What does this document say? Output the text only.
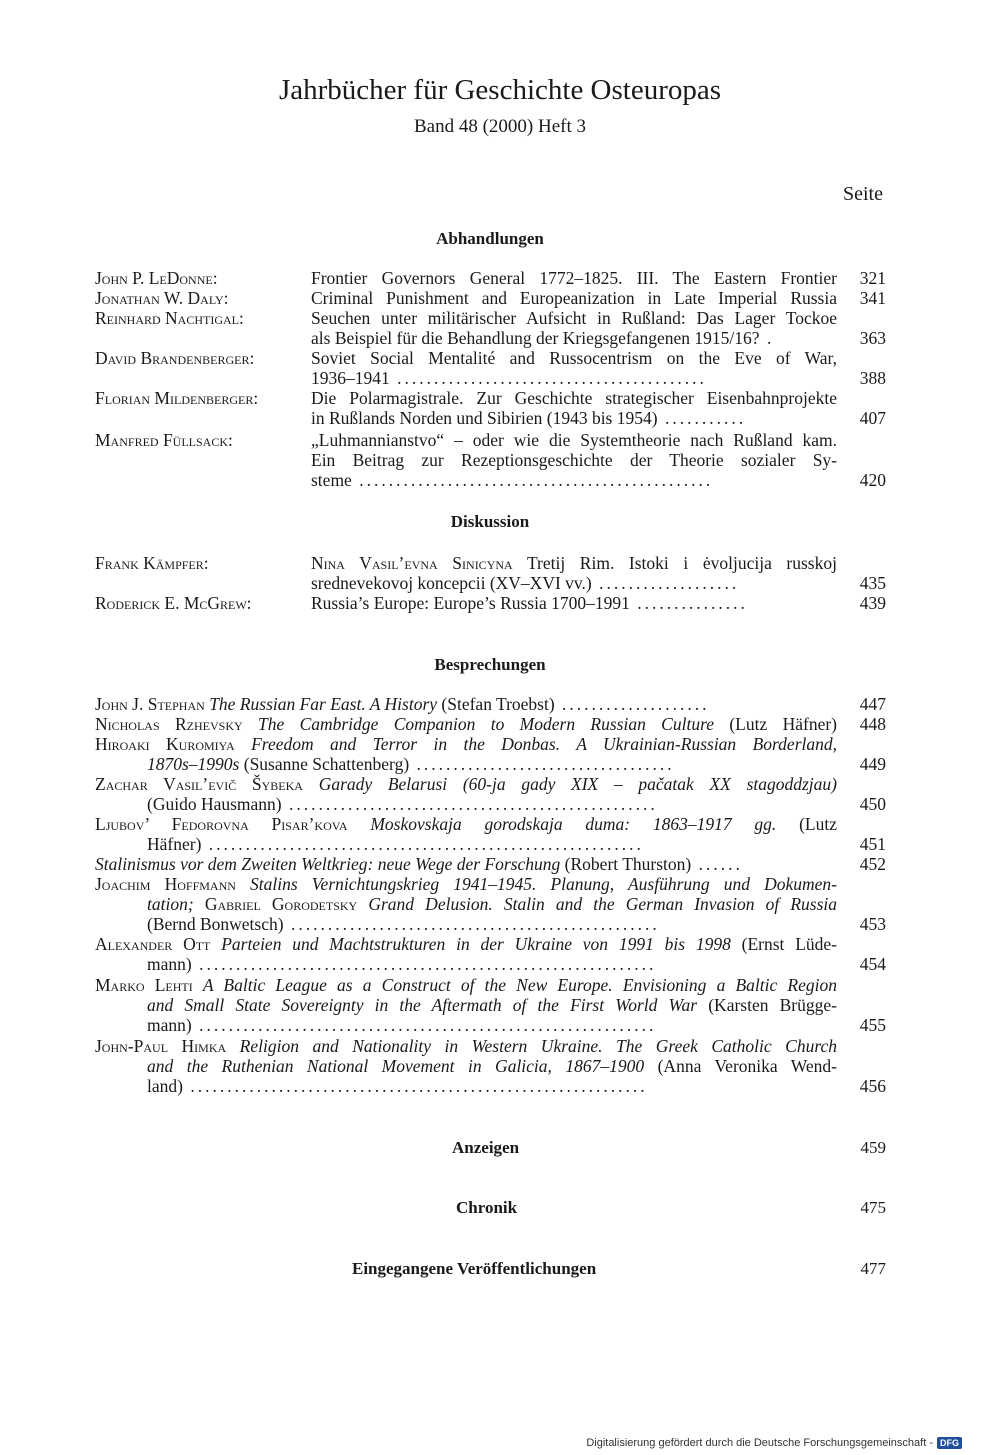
Jahrbücher für Geschichte Osteuropas
Band 48 (2000) Heft 3
Seite
Abhandlungen
John P. LeDonne:	Frontier Governors General 1772–1825. III. The Eastern Frontier	321
Jonathan W. Daly:	Criminal Punishment and Europeanization in Late Imperial Russia	341
Reinhard Nachtigal:	Seuchen unter militärischer Aufsicht in Rußland: Das Lager Tockoe
als Beispiel für die Behandlung der Kriegsgefangenen 1915/16? .	363
David Brandenberger:	Soviet Social Mentalité and Russocentrism on the Eve of War,
1936–1941 ..........................................	388
Florian Mildenberger:	Die Polarmagistrale. Zur Geschichte strategischer Eisenbahnprojekte
in Rußlands Norden und Sibirien (1943 bis 1954) ...........	407
Manfred Füllsack:	„Luhmannianstvo“ – oder wie die Systemtheorie nach Rußland kam.
Ein Beitrag zur Rezeptionsgeschichte der Theorie sozialer Sy-
steme ................................................	420
Diskussion
Frank Kämpfer:	Nina Vasil’evna Sinicyna Tretij Rim. Istoki i ėvoljucija russkoj
srednevekovoj koncepcii (XV–XVI vv.) ...................	435
Roderick E. McGrew:	Russia’s Europe: Europe’s Russia 1700–1991 ...............	439
Besprechungen
John J. Stephan The Russian Far East. A History (Stefan Troebst) ....................	447
Nicholas Rzhevsky The Cambridge Companion to Modern Russian Culture (Lutz Häfner)	448
Hiroaki Kuromiya Freedom and Terror in the Donbas. A Ukrainian-Russian Borderland,
1870s–1990s (Susanne Schattenberg) ...................................	449
Zachar Vasil’evič Šybeka Garady Belarusi (60-ja gady XIX – pačatak XX stagoddzjau)
(Guido Hausmann) ..................................................	450
Ljubov’ Fedorovna Pisar’kova Moskovskaja gorodskaja duma: 1863–1917 gg. (Lutz
Häfner) ...........................................................	451
Stalinismus vor dem Zweiten Weltkrieg: neue Wege der Forschung (Robert Thurston) ......	452
Joachim Hoffmann Stalins Vernichtungskrieg 1941–1945. Planung, Ausführung und Dokumen-
tation; Gabriel Gorodetsky Grand Delusion. Stalin and the German Invasion of Russia
(Bernd Bonwetsch) ..................................................	453
Alexander Ott Parteien und Machtstrukturen in der Ukraine von 1991 bis 1998 (Ernst Lüde-
mann) ..............................................................	454
Marko Lehti A Baltic League as a Construct of the New Europe. Envisioning a Baltic Region
and Small State Sovereignty in the Aftermath of the First World War (Karsten Brügge-
mann) ..............................................................	455
John-Paul Himka Religion and Nationality in Western Ukraine. The Greek Catholic Church
and the Ruthenian National Movement in Galicia, 1867–1900 (Anna Veronika Wend-
land) ..............................................................	456
Anzeigen	459
Chronik	475
Eingegangene Veröffentlichungen	477
Digitalisierung gefördert durch die Deutsche Forschungsgemeinschaft - DFG
